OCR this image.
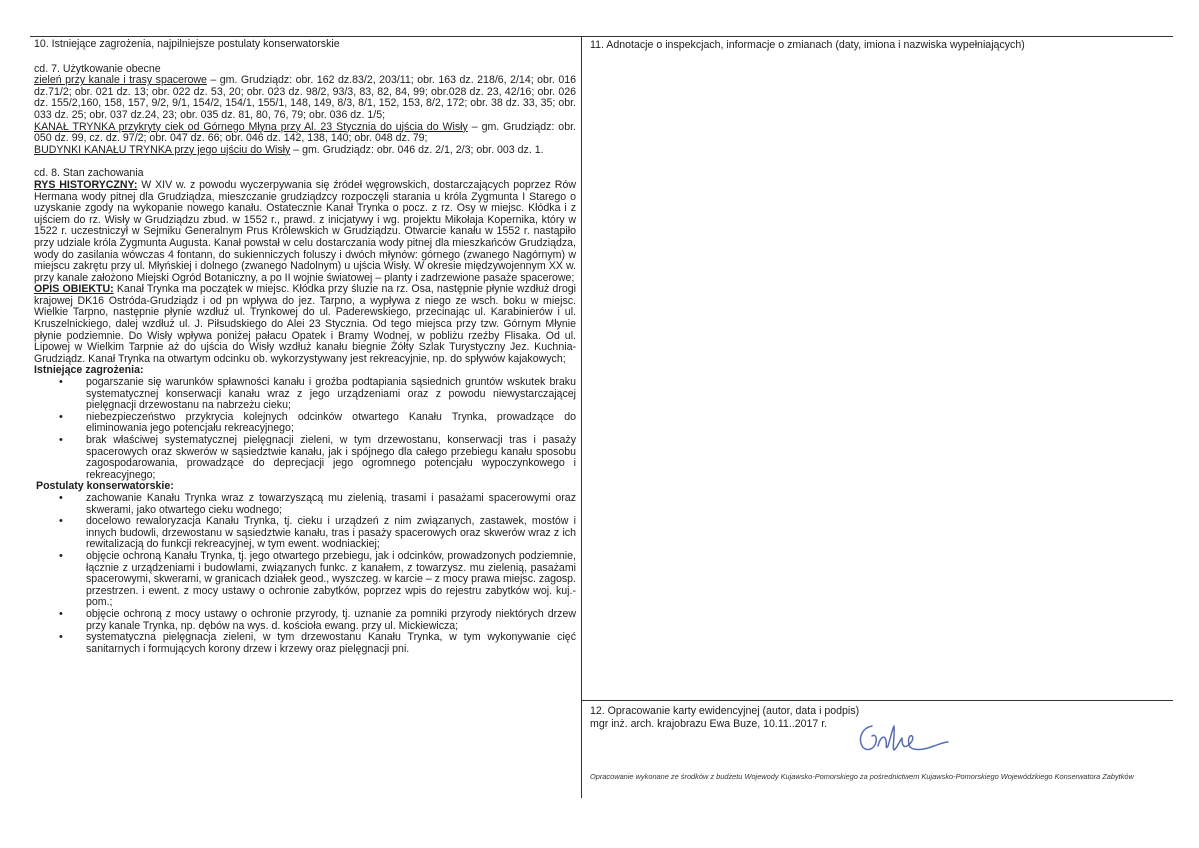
10. Istniejące zagrożenia, najpilniejsze postulaty konserwatorskie
cd. 7. Użytkowanie obecne

zieleń przy kanale i trasy spacerowe – gm. Grudziądz: obr. 162 dz.83/2, 203/11; obr. 163 dz. 218/6, 2/14; obr. 016 dz.71/2; obr. 021 dz. 13; obr. 022 dz. 53, 20; obr. 023 dz. 98/2, 93/3, 83, 82, 84, 99; obr.028 dz. 23, 42/16; obr. 026 dz. 155/2,160, 158, 157, 9/2, 9/1, 154/2, 154/1, 155/1, 148, 149, 8/3, 8/1, 152, 153, 8/2, 172; obr. 38 dz. 33, 35; obr. 033 dz. 25; obr. 037 dz.24, 23; obr. 035 dz. 81, 80, 76, 79; obr. 036 dz. 1/5;

KANAŁ TRYNKA przykryty ciek od Górnego Młyna przy Al. 23 Stycznia do ujścia do Wisły – gm. Grudziądz: obr. 050 dz. 99, cz. dz. 97/2; obr. 047 dz. 66; obr. 046 dz. 142, 138, 140; obr. 048 dz. 79;

BUDYNKI KANAŁU TRYNKA przy jego ujściu do Wisły – gm. Grudziądz: obr. 046 dz. 2/1, 2/3; obr. 003 dz. 1.

cd. 8. Stan zachowania

RYS HISTORYCZNY: W XIV w. z powodu wyczerpywania się źródeł węgrowskich, dostarczających poprzez Rów Hermana wody pitnej dla Grudziądza, mieszczanie grudziądzcy rozpoczęli starania u króla Zygmunta I Starego o uzyskanie zgody na wykopanie nowego kanału. Ostatecznie Kanał Trynka o pocz. z rz. Osy w miejsc. Kłódka i z ujściem do rz. Wisły w Grudziądzu zbud. w 1552 r., prawd. z inicjatywy i wg. projektu Mikołaja Kopernika, który w 1522 r. uczestniczył w Sejmiku Generalnym Prus Królewskich w Grudziądzu. Otwarcie kanału w 1552 r. nastąpiło przy udziale króla Zygmunta Augusta. Kanał powstał w celu dostarczania wody pitnej dla mieszkańców Grudziądza, wody do zasilania wówczas 4 fontann, do sukienniczych foluszy i dwóch młynów: górnego (zwanego Nagórnym) w miejscu zakrętu przy ul. Młyńskiej i dolnego (zwanego Nadolnym) u ujścia Wisły. W okresie międzywojennym XX w. przy kanale założono Miejski Ogród Botaniczny, a po II wojnie światowej – planty i zadrzewione pasaże spacerowe;

OPIS OBIEKTU: Kanał Trynka ma początek w miejsc. Kłódka przy śluzie na rz. Osa, następnie płynie wzdłuż drogi krajowej DK16 Ostróda-Grudziądz i od pn wpływa do jez. Tarpno, a wypływa z niego ze wsch. boku w miejsc. Wielkie Tarpno, następnie płynie wzdłuż ul. Trynkowej do ul. Paderewskiego, przecinając ul. Karabinierów i ul. Kruszelnickiego, dalej wzdłuż ul. J. Piłsudskiego do Alei 23 Stycznia. Od tego miejsca przy tzw. Górnym Młynie płynie podziemnie. Do Wisły wpływa poniżej pałacu Opatek i Bramy Wodnej, w pobliżu rzeźby Flisaka. Od ul. Lipowej w Wielkim Tarpnie aż do ujścia do Wisły wzdłuż kanału biegnie Żółty Szlak Turystyczny Jez. Kuchnia-Grudziądz. Kanał Trynka na otwartym odcinku ob. wykorzystywany jest rekreacyjnie, np. do spływów kajakowych;

Istniejące zagrożenia:
• pogarszanie się warunków spławności kanału i groźba podtapiania sąsiednich gruntów wskutek braku systematycznej konserwacji kanału wraz z jego urządzeniami oraz z powodu niewystarczającej pielęgnacji drzewostanu na nabrzeżu cieku;
• niebezpieczeństwo przykrycia kolejnych odcinków otwartego Kanału Trynka, prowadzące do eliminowania jego potencjału rekreacyjnego;
• brak właściwej systematycznej pielęgnacji zieleni, w tym drzewostanu, konserwacji tras i pasaży spacerowych oraz skwerów w sąsiedztwie kanału, jak i spójnego dla całego przebiegu kanału sposobu zagospodarowania, prowadzące do deprecjacji jego ogromnego potencjału wypoczynkowego i rekreacyjnego;
Postulaty konserwatorskie:
• zachowanie Kanału Trynka wraz z towarzyszącą mu zielenią, trasami i pasażami spacerowymi oraz skwerami, jako otwartego cieku wodnego;
• docelowo rewaloryzacja Kanału Trynka, tj. cieku i urządzeń z nim związanych, zastawek, mostów i innych budowli, drzewostanu w sąsiedztwie kanału, tras i pasaży spacerowych oraz skwerów wraz z ich rewitalizacją do funkcji rekreacyjnej, w tym ewent. wodniackiej;
• objęcie ochroną Kanału Trynka, tj. jego otwartego przebiegu, jak i odcinków, prowadzonych podziemnie, łącznie z urządzeniami i budowlami, związanych funkc. z kanałem, z towarzysz. mu zielenią, pasażami spacerowymi, skwerami, w granicach działek geod., wyszczeg. w karcie – z mocy prawa miejsc. zagosp. przestrzen. i ewent. z mocy ustawy o ochronie zabytków, poprzez wpis do rejestru zabytków woj. kuj.-pom.;
• objęcie ochroną z mocy ustawy o ochronie przyrody, tj. uznanie za pomniki przyrody niektórych drzew przy kanale Trynka, np. dębów na wys. d. kościoła ewang. przy ul. Mickiewicza;
• systematyczna pielęgnacja zieleni, w tym drzewostanu Kanału Trynka, w tym wykonywanie cięć sanitarnych i formujących korony drzew i krzewy oraz pielęgnacji pni.
11. Adnotacje o inspekcjach, informacje o zmianach (daty, imiona i nazwiska wypełniających)
12. Opracowanie karty ewidencyjnej (autor, data i podpis)
mgr inż. arch. krajobrazu Ewa Buze, 10.11..2017 r.
Opracowanie wykonane ze środków z budżetu Wojewody Kujawsko-Pomorskiego za pośrednictwem Kujawsko-Pomorskiego Wojewódzkiego Konserwatora Zabytków
